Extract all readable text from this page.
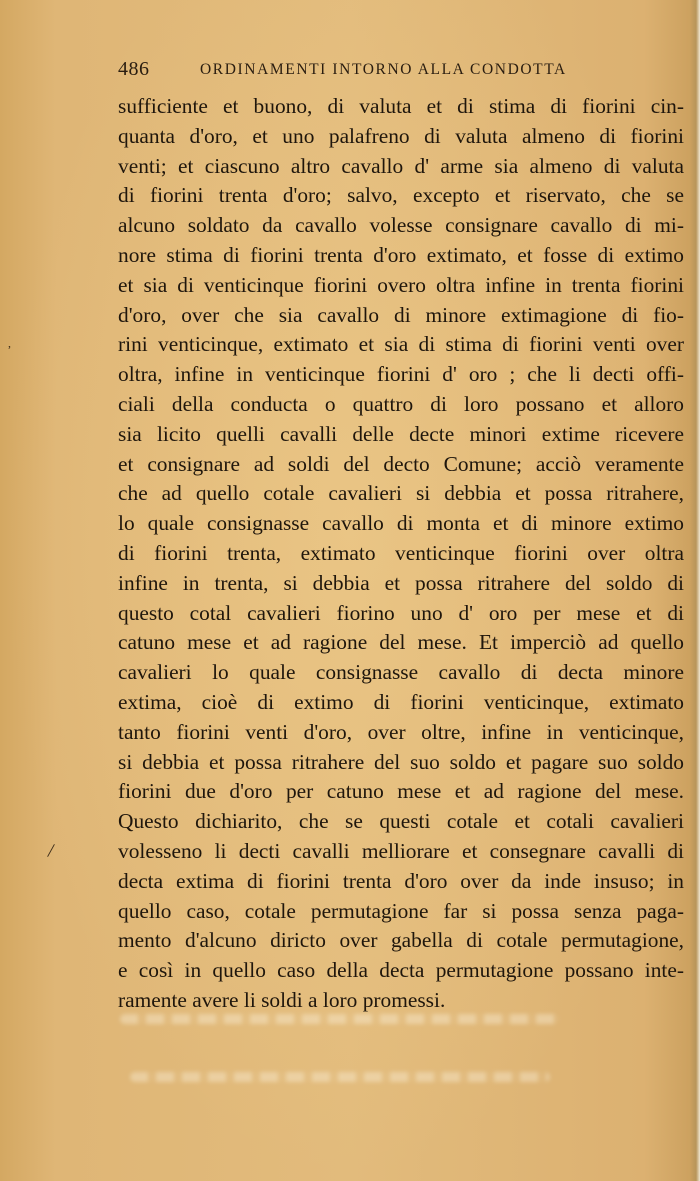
486	ORDINAMENTI INTORNO ALLA CONDOTTA
,
/
sufficiente et buono, di valuta et di stima di fiorini cin-
quanta d'oro, et uno palafreno di valuta almeno di fiorini
venti; et ciascuno altro cavallo d' arme sia almeno di valuta
di fiorini trenta d'oro; salvo, excepto et riservato, che se
alcuno soldato da cavallo volesse consignare cavallo di mi-
nore stima di fiorini trenta d'oro extimato, et fosse di extimo
et sia di venticinque fiorini overo oltra infine in trenta fiorini
d'oro, over che sia cavallo di minore extimagione di fio-
rini venticinque, extimato et sia di stima di fiorini venti over
oltra, infine in venticinque fiorini d' oro ; che li decti offi-
ciali della conducta o quattro di loro possano et alloro
sia licito quelli cavalli delle decte minori extime ricevere
et consignare ad soldi del decto Comune; acciò veramente
che ad quello cotale cavalieri si debbia et possa ritrahere,
lo quale consignasse cavallo di monta et di minore extimo
di fiorini trenta, extimato venticinque fiorini over oltra
infine in trenta, si debbia et possa ritrahere del soldo di
questo cotal cavalieri fiorino uno d' oro per mese et di
catuno mese et ad ragione del mese. Et imperciò ad quello
cavalieri lo quale consignasse cavallo di decta minore
extima, cioè di extimo di fiorini venticinque, extimato
tanto fiorini venti d'oro, over oltre, infine in venticinque,
si debbia et possa ritrahere del suo soldo et pagare suo soldo
fiorini due d'oro per catuno mese et ad ragione del mese.
Questo dichiarito, che se questi cotale et cotali cavalieri
volesseno li decti cavalli melliorare et consegnare cavalli di
decta extima di fiorini trenta d'oro over da inde insuso; in
quello caso, cotale permutagione far si possa senza paga-
mento d'alcuno diricto over gabella di cotale permutagione,
e così in quello caso della decta permutagione possano inte-
ramente avere li soldi a loro promessi.
